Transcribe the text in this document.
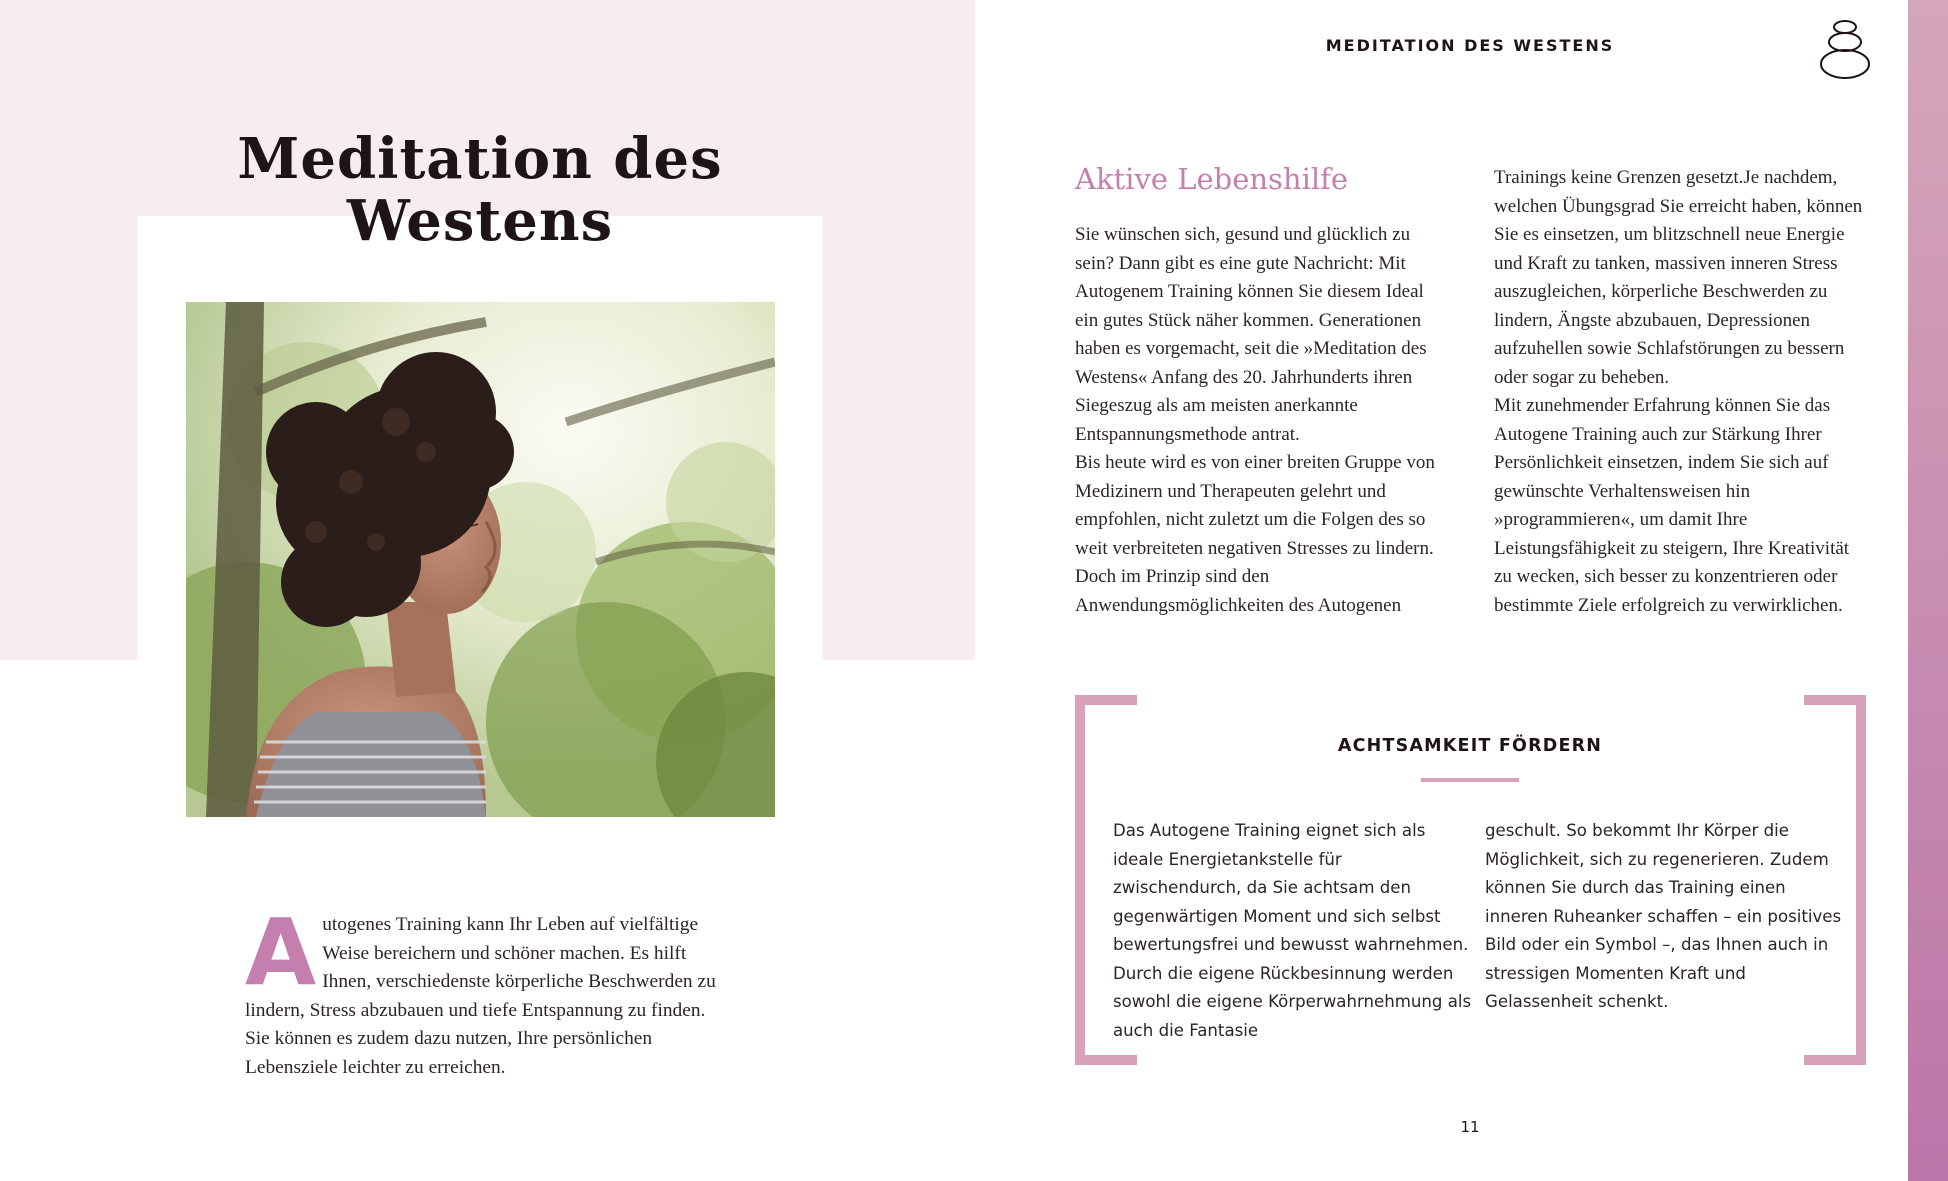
Meditation des
Westens
Autogenes Training kann Ihr Leben auf vielfältige Weise bereichern und schöner machen. Es hilft Ihnen, verschiedenste körperliche Beschwerden zu lindern, Stress abzubauen und tiefe Entspannung zu finden. Sie können es zudem dazu nutzen, Ihre persönlichen Lebensziele leichter zu erreichen.
MEDITATION DES WESTENS
Aktive Lebenshilfe

Sie wünschen sich, gesund und glücklich zu sein? Dann gibt es eine gute Nachricht: Mit Autogenem Training können Sie diesem Ideal ein gutes Stück näher kommen. Generationen haben es vorgemacht, seit die »Meditation des Westens« Anfang des 20. Jahrhunderts ihren Siegeszug als am meisten anerkannte Entspannungsmethode antrat.

Bis heute wird es von einer breiten Gruppe von Medizinern und Therapeuten gelehrt und empfohlen, nicht zuletzt um die Folgen des so weit verbreiteten negativen Stresses zu lindern. Doch im Prinzip sind den Anwendungsmöglichkeiten des Autogenen

Trainings keine Grenzen gesetzt.Je nachdem, welchen Übungsgrad Sie erreicht haben, können Sie es einsetzen, um blitzschnell neue Energie und Kraft zu tanken, massiven inneren Stress auszugleichen, körperliche Beschwerden zu lindern, Ängste abzubauen, Depressionen aufzuhellen sowie Schlafstörungen zu bessern oder sogar zu beheben.

Mit zunehmender Erfahrung können Sie das Autogene Training auch zur Stärkung Ihrer Persönlichkeit einsetzen, indem Sie sich auf gewünschte Verhaltensweisen hin »programmieren«, um damit Ihre Leistungsfähigkeit zu steigern, Ihre Kreativität zu wecken, sich besser zu konzentrieren oder bestimmte Ziele erfolgreich zu verwirklichen.

ACHTSAMKEIT FÖRDERN
Das Autogene Training eignet sich als ideale Energietankstelle für zwischendurch, da Sie achtsam den gegenwärtigen Moment und sich selbst bewertungsfrei und bewusst wahrnehmen. Durch die eigene Rückbesinnung werden sowohl die eigene Körperwahrnehmung als auch die Fantasie
geschult. So bekommt Ihr Körper die Möglichkeit, sich zu regenerieren. Zudem können Sie durch das Training einen inneren Ruheanker schaffen – ein positives Bild oder ein Symbol –, das Ihnen auch in stressigen Momenten Kraft und Gelassenheit schenkt.
11
